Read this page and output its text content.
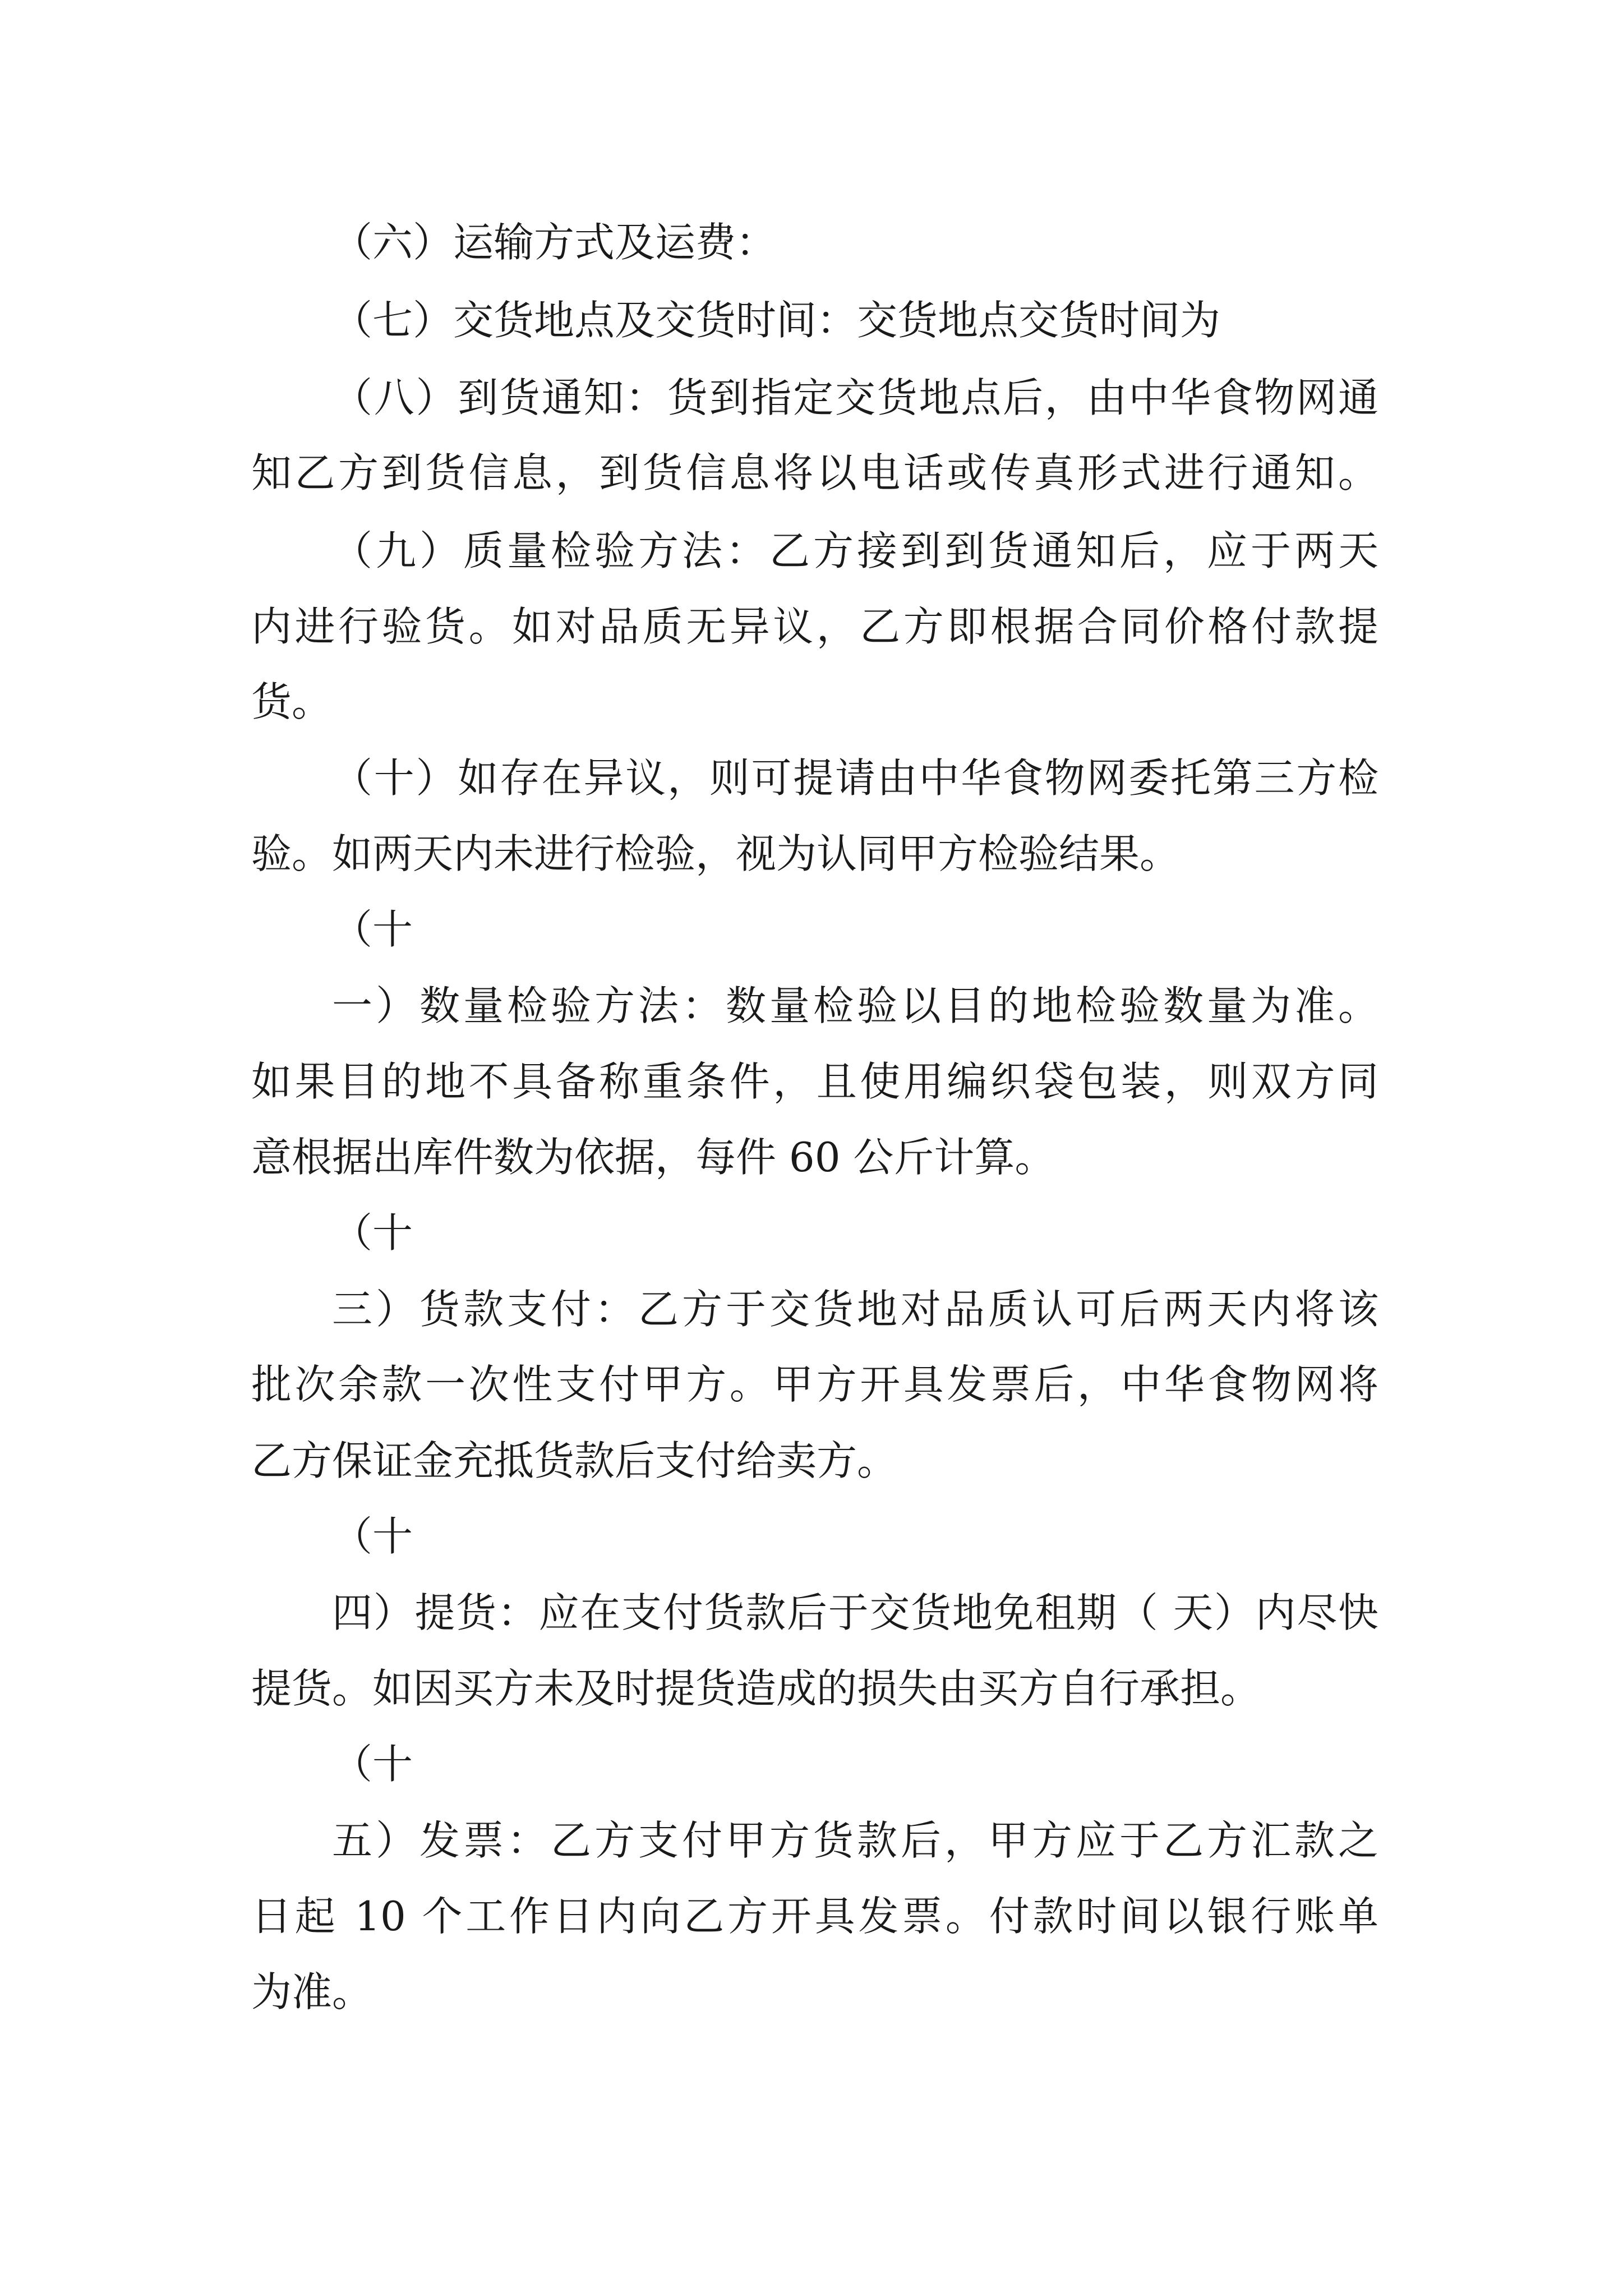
（六）运输方式及运费：
（七）交货地点及交货时间：交货地点交货时间为
（八）到货通知：货到指定交货地点后，由中华食物网通
知乙方到货信息，到货信息将以电话或传真形式进行通知。
（九）质量检验方法：乙方接到到货通知后，应于两天
内进行验货。如对品质无异议，乙方即根据合同价格付款提
货。
（十）如存在异议，则可提请由中华食物网委托第三方检
验。如两天内未进行检验，视为认同甲方检验结果。
（十
一）数量检验方法：数量检验以目的地检验数量为准。
如果目的地不具备称重条件，且使用编织袋包装，则双方同
意根据出库件数为依据，每件 60 公斤计算。
（十
三）货款支付：乙方于交货地对品质认可后两天内将该
批次余款一次性支付甲方。甲方开具发票后，中华食物网将
乙方保证金充抵货款后支付给卖方。
（十
四）提货：应在支付货款后于交货地免租期（ 天）内尽快
提货。如因买方未及时提货造成的损失由买方自行承担。
（十
五）发票：乙方支付甲方货款后，甲方应于乙方汇款之
日起 10 个工作日内向乙方开具发票。付款时间以银行账单
为准。
